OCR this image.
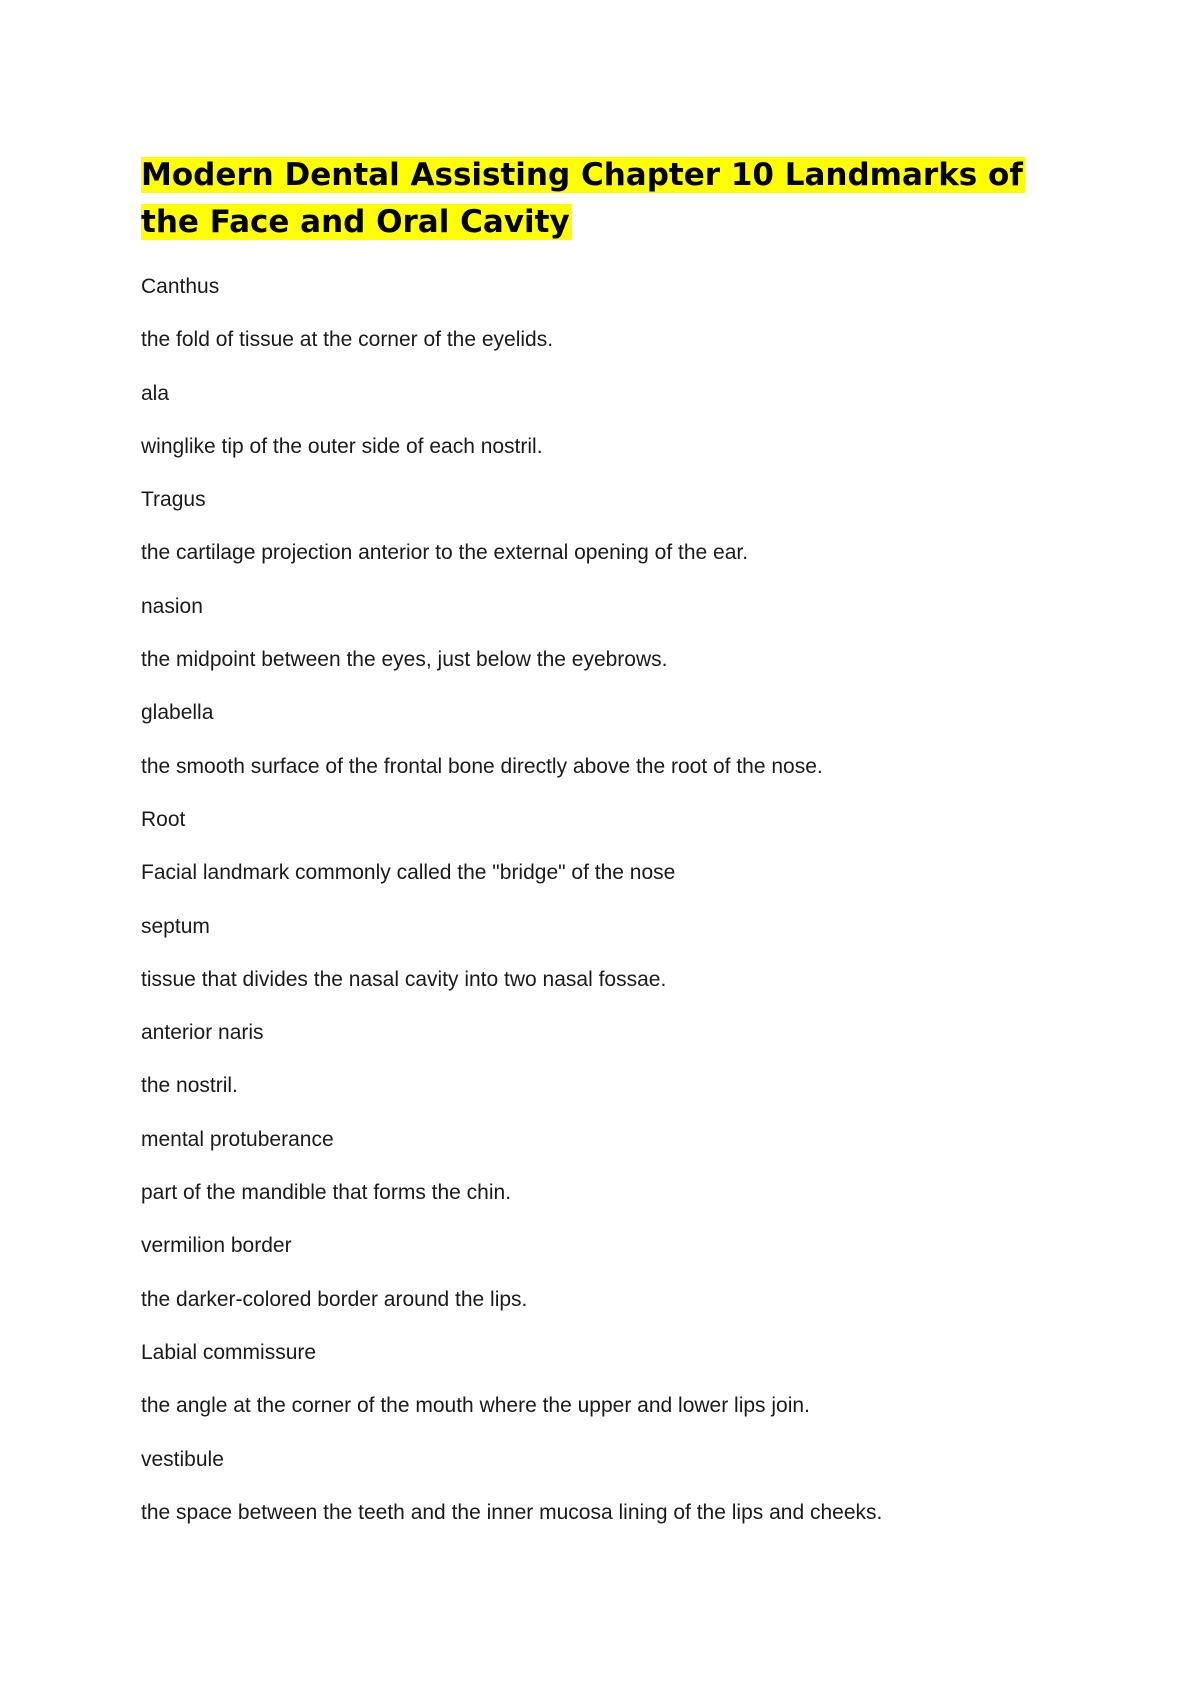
Modern Dental Assisting Chapter 10 Landmarks of the Face and Oral Cavity
Canthus
the fold of tissue at the corner of the eyelids.
ala
winglike tip of the outer side of each nostril.
Tragus
the cartilage projection anterior to the external opening of the ear.
nasion
the midpoint between the eyes, just below the eyebrows.
glabella
the smooth surface of the frontal bone directly above the root of the nose.
Root
Facial landmark commonly called the "bridge" of the nose
septum
tissue that divides the nasal cavity into two nasal fossae.
anterior naris
the nostril.
mental protuberance
part of the mandible that forms the chin.
vermilion border
the darker-colored border around the lips.
Labial commissure
the angle at the corner of the mouth where the upper and lower lips join.
vestibule
the space between the teeth and the inner mucosa lining of the lips and cheeks.
